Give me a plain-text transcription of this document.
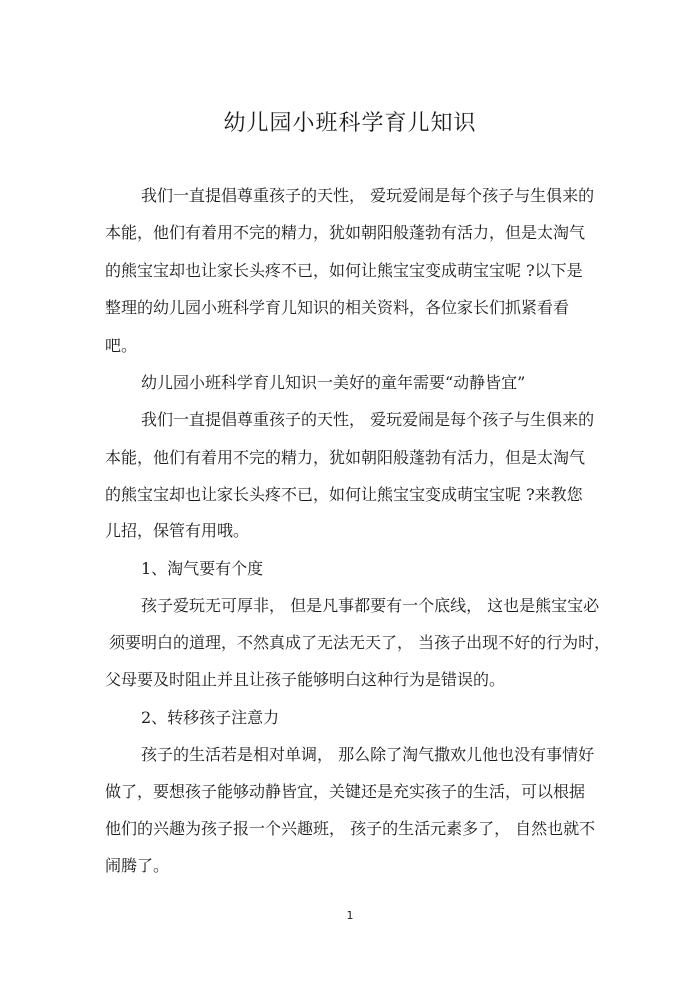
幼儿园小班科学育儿知识
我们一直提倡尊重孩子的天性， 爱玩爱闹是每个孩子与生俱来的
本能，他们有着用不完的精力，犹如朝阳般蓬勃有活力，但是太淘气
的熊宝宝却也让家长头疼不已，如何让熊宝宝变成萌宝宝呢 ?以下是
整理的幼儿园小班科学育儿知识的相关资料，各位家长们抓紧看看
吧。
幼儿园小班科学育儿知识一美好的童年需要“动静皆宜”
我们一直提倡尊重孩子的天性， 爱玩爱闹是每个孩子与生俱来的
本能，他们有着用不完的精力，犹如朝阳般蓬勃有活力，但是太淘气
的熊宝宝却也让家长头疼不已，如何让熊宝宝变成萌宝宝呢 ?来教您
儿招，保管有用哦。
1、淘气要有个度
孩子爱玩无可厚非， 但是凡事都要有一个底线， 这也是熊宝宝必
须要明白的道理，不然真成了无法无天了， 当孩子出现不好的行为时，
父母要及时阻止并且让孩子能够明白这种行为是错误的。
2、转移孩子注意力
孩子的生活若是相对单调， 那么除了淘气撒欢儿他也没有事情好
做了，要想孩子能够动静皆宜，关键还是充实孩子的生活，可以根据
他们的兴趣为孩子报一个兴趣班， 孩子的生活元素多了， 自然也就不
闹腾了。
1
